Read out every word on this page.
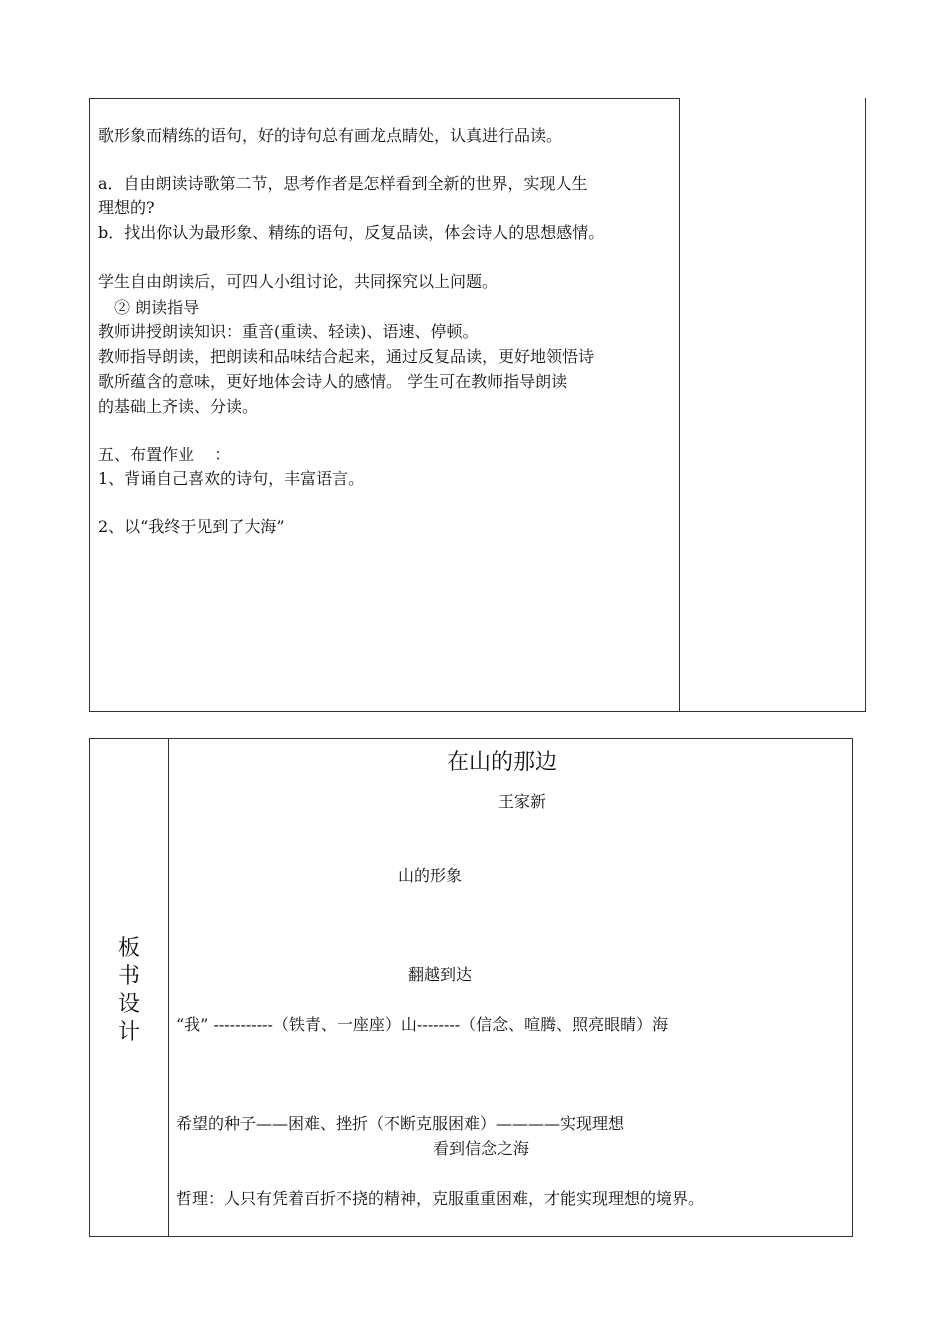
歌形象而精练的语句，好的诗句总有画龙点睛处，认真进行品读。
a．自由朗读诗歌第二节，思考作者是怎样看到全新的世界，实现人生
理想的?
b．找出你认为最形象、精练的语句，反复品读，体会诗人的思想感情。
学生自由朗读后，可四人小组讨论，共同探究以上问题。
② 朗读指导
教师讲授朗读知识：重音(重读、轻读)、语速、停顿。
教师指导朗读，把朗读和品味结合起来，通过反复品读，更好地领悟诗
歌所蕴含的意味，更好地体会诗人的感情。 学生可在教师指导朗读
的基础上齐读、分读。
五、布置作业    ：
1、背诵自己喜欢的诗句，丰富语言。
2、以“我终于见到了大海”
板
书
设
计
在山的那边
王家新
山的形象
翻越到达
“我” -----------（铁青、一座座）山--------（信念、喧腾、照亮眼睛）海
希望的种子——困难、挫折（不断克服困难）————实现理想
看到信念之海
哲理：人只有凭着百折不挠的精神，克服重重困难，才能实现理想的境界。
